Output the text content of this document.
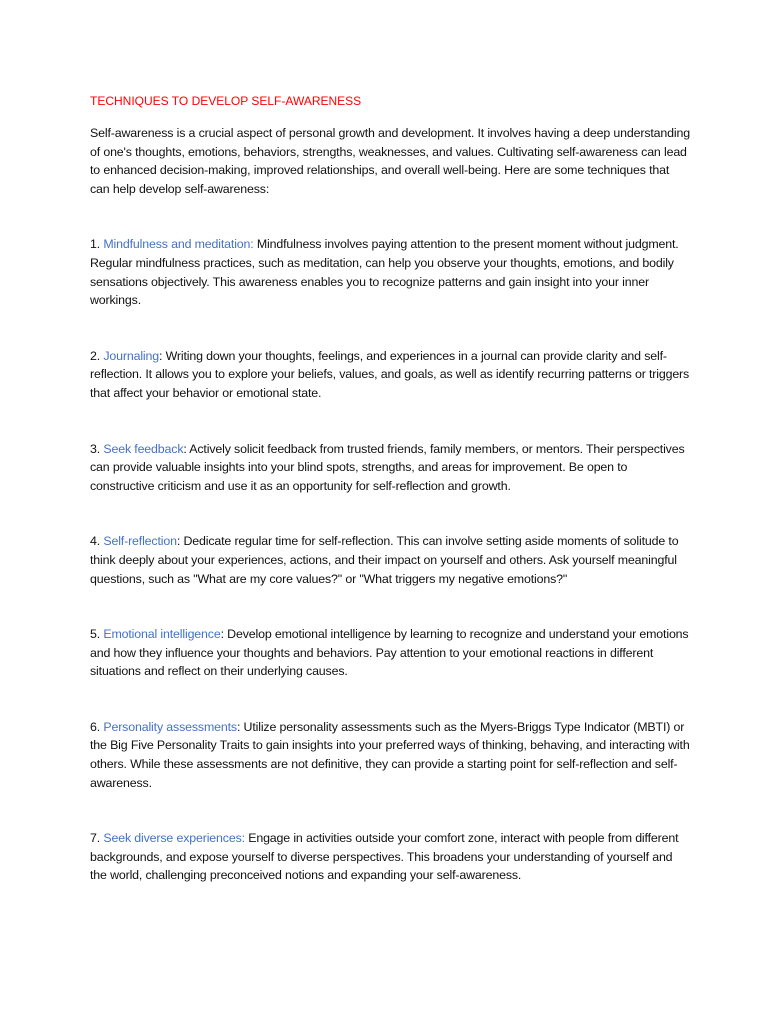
TECHNIQUES TO DEVELOP SELF-AWARENESS

Self-awareness is a crucial aspect of personal growth and development. It involves having a deep understanding of one's thoughts, emotions, behaviors, strengths, weaknesses, and values. Cultivating self-awareness can lead to enhanced decision-making, improved relationships, and overall well-being. Here are some techniques that can help develop self-awareness:

1. Mindfulness and meditation: Mindfulness involves paying attention to the present moment without judgment. Regular mindfulness practices, such as meditation, can help you observe your thoughts, emotions, and bodily sensations objectively. This awareness enables you to recognize patterns and gain insight into your inner workings.

2. Journaling: Writing down your thoughts, feelings, and experiences in a journal can provide clarity and self-reflection. It allows you to explore your beliefs, values, and goals, as well as identify recurring patterns or triggers that affect your behavior or emotional state.

3. Seek feedback: Actively solicit feedback from trusted friends, family members, or mentors. Their perspectives can provide valuable insights into your blind spots, strengths, and areas for improvement. Be open to constructive criticism and use it as an opportunity for self-reflection and growth.

4. Self-reflection: Dedicate regular time for self-reflection. This can involve setting aside moments of solitude to think deeply about your experiences, actions, and their impact on yourself and others. Ask yourself meaningful questions, such as "What are my core values?" or "What triggers my negative emotions?"

5. Emotional intelligence: Develop emotional intelligence by learning to recognize and understand your emotions and how they influence your thoughts and behaviors. Pay attention to your emotional reactions in different situations and reflect on their underlying causes.

6. Personality assessments: Utilize personality assessments such as the Myers-Briggs Type Indicator (MBTI) or the Big Five Personality Traits to gain insights into your preferred ways of thinking, behaving, and interacting with others. While these assessments are not definitive, they can provide a starting point for self-reflection and self-awareness.

7. Seek diverse experiences: Engage in activities outside your comfort zone, interact with people from different backgrounds, and expose yourself to diverse perspectives. This broadens your understanding of yourself and the world, challenging preconceived notions and expanding your self-awareness.
